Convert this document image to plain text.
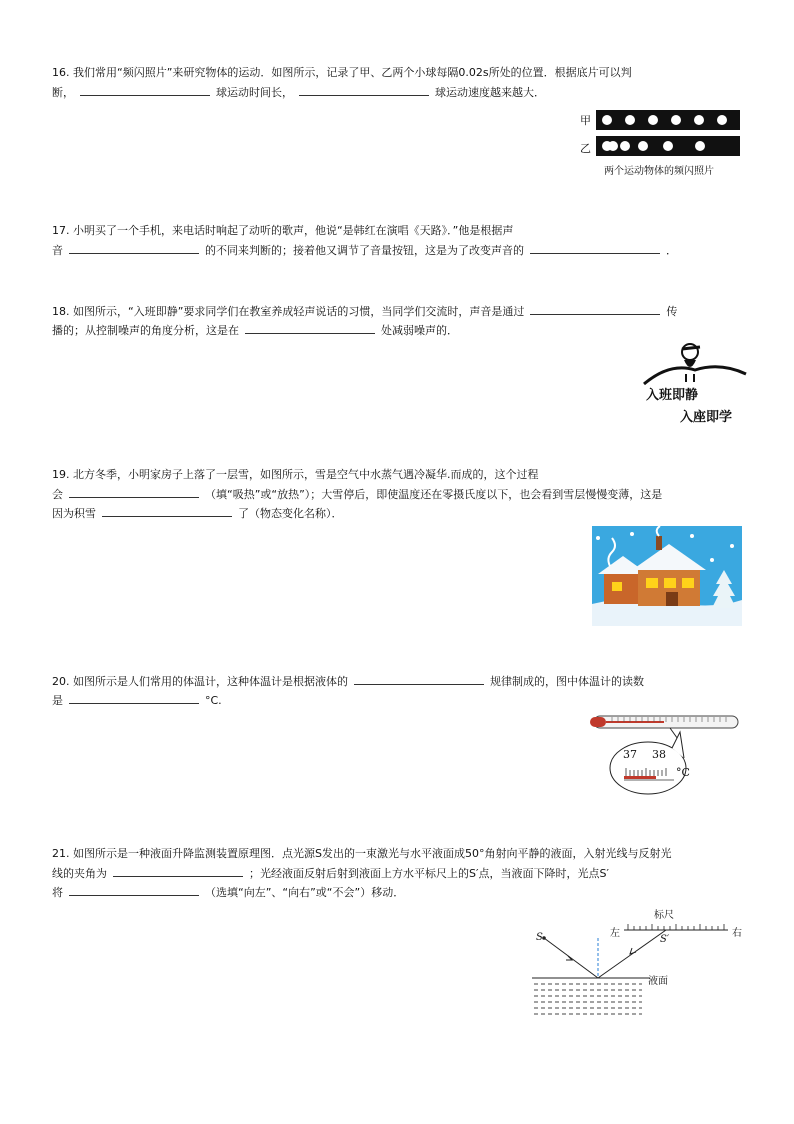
16. 我们常用“频闪照片”来研究物体的运动．如图所示，记录了甲、乙两个小球每隔0.02s所处的位置．根据底片可以判
断，	球运动时间长，	球运动速度越来越大．
甲
乙
两个运动物体的频闪照片
17. 小明买了一个手机，来电话时响起了动听的歌声，他说“是韩红在演唱《天路》．”他是根据声
音	的不同来判断的；接着他又调节了音量按钮，这是为了改变声音的	．
18. 如图所示，“入班即静”要求同学们在教室养成轻声说话的习惯，当同学们交流时，声音是通过	传
播的；从控制噪声的角度分析，这是在	处减弱噪声的．
入班即静
入座即学
19. 北方冬季，小明家房子上落了一层雪，如图所示，雪是空气中水蒸气遇冷凝华.而成的，这个过程
会	（填“吸热”或“放热”）；大雪停后，即使温度还在零摄氏度以下，也会看到雪层慢慢变薄，这是
因为积雪	了（物态变化名称）．
20. 如图所示是人们常用的体温计，这种体温计是根据液体的	规律制成的，图中体温计的读数
是	°C.
37 38
°C
21. 如图所示是一种液面升降监测装置原理图．点光源S发出的一束激光与水平液面成50°角射向平静的液面，入射光线与反射光
线的夹角为	；光经液面反射后射到液面上方水平标尺上的S′点，当液面下降时，光点S′
将	（选填“向左”、“向右”或“不会”）移动．
标尺
左	右
S	S′
液面
